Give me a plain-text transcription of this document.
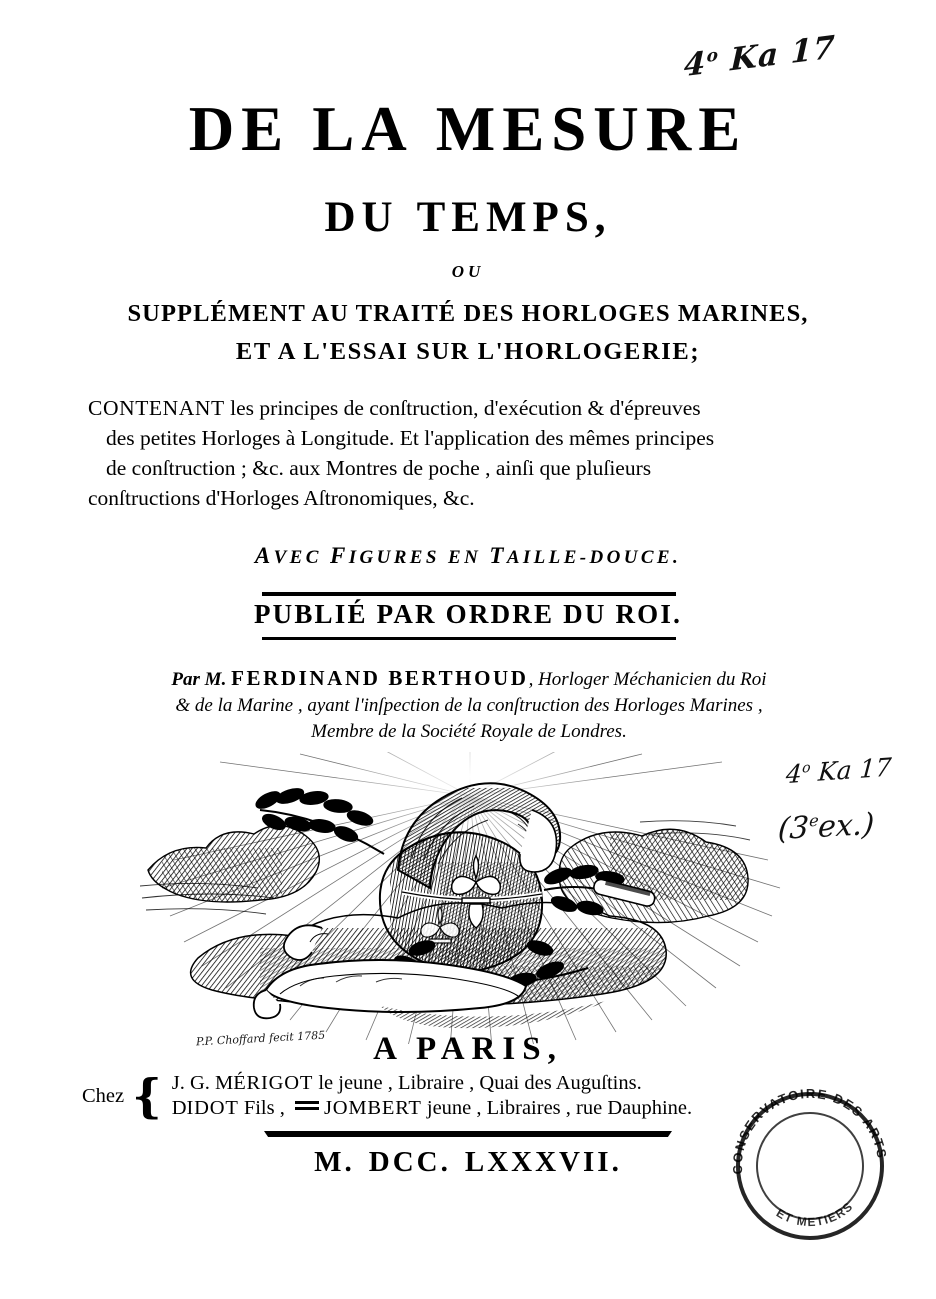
4$^o$ Ka 17
DE LA MESURE
DU TEMPS,
OU
SUPPLÉMENT AU TRAITÉ DES HORLOGES MARINES,
ET A L'ESSAI SUR L'HORLOGERIE;

CONTENANT les principes de conſtruction, d'exécution & d'épreuves
des petites Horloges à Longitude. Et l'application des mêmes principes
de conſtruction ; &c. aux Montres de poche , ainſi que pluſieurs
conſtructions d'Horloges Aſtronomiques, &c.

AVEC FIGURES EN TAILLE-DOUCE.
PUBLIÉ PAR ORDRE DU ROI.
Par M. FERDINAND BERTHOUD, Horloger Méchanicien du Roi
& de la Marine , ayant l'inſpection de la conſtruction des Horloges Marines ,
Membre de la Société Royale de Londres.
P.P. Choffard fecit 1785	A PARIS,
Chez { J. G. MÉRIGOT le jeune , Libraire , Quai des Auguſtins.
DIDOT Fils , JOMBERT jeune , Libraires , rue Dauphine.
M. DCC. LXXXVII.
4$^o$ Ka 17
(3eex.)
CONSERVATOIRE DES ARTS
ET METIERS
